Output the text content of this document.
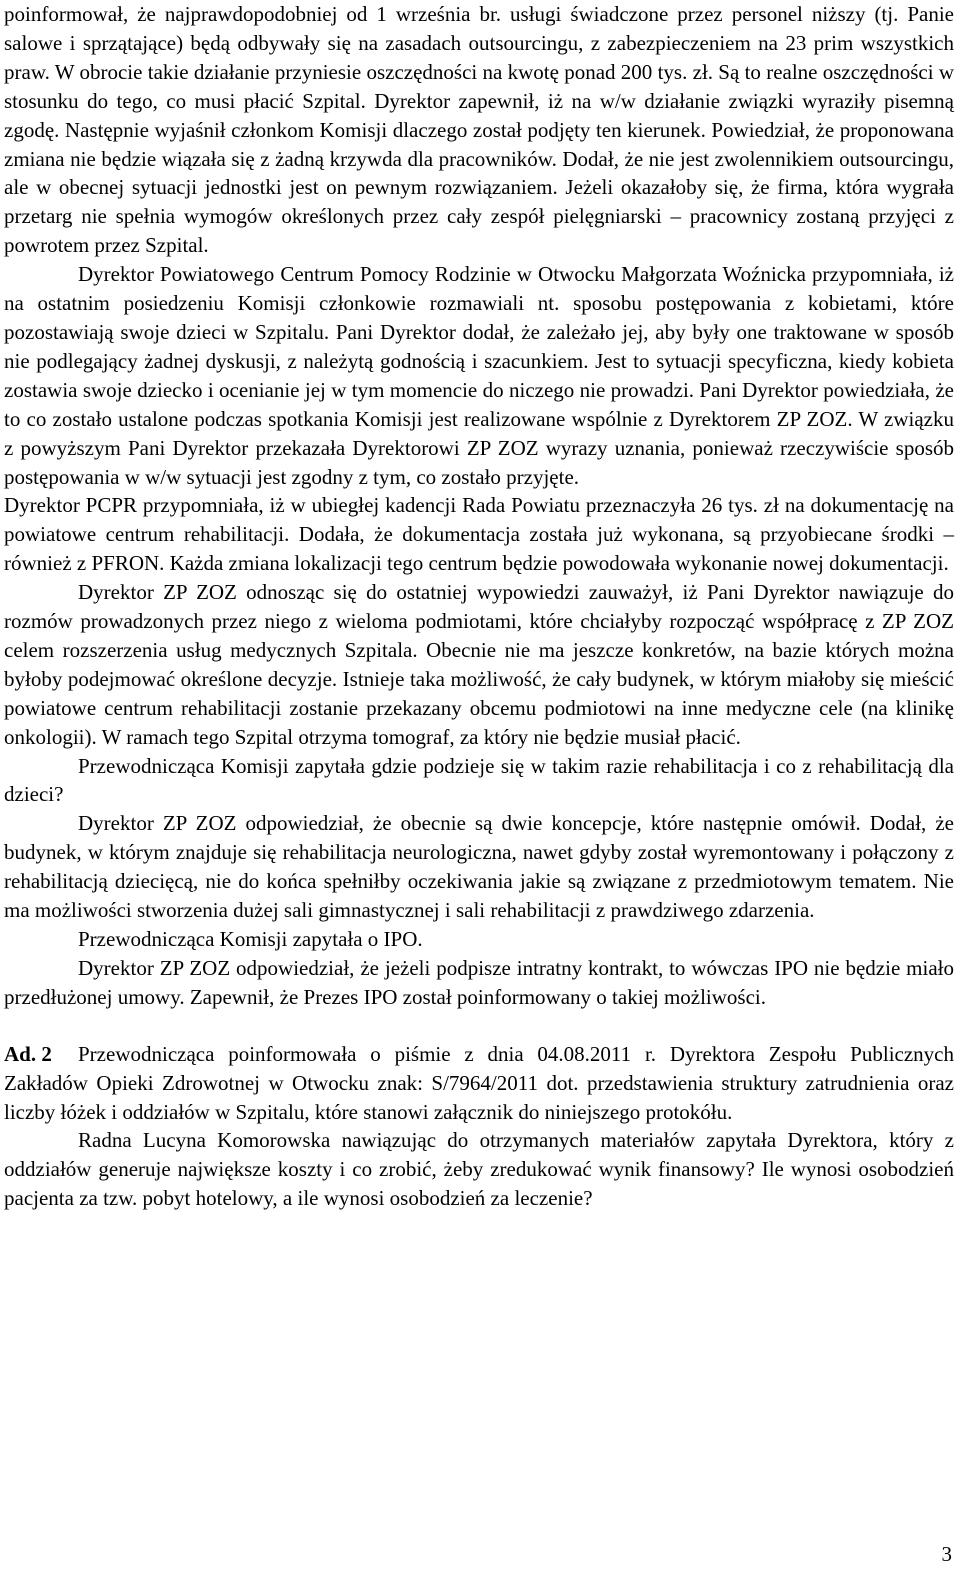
poinformował, że najprawdopodobniej od 1 września br. usługi świadczone przez personel niższy (tj. Panie salowe i sprzątające) będą odbywały się na zasadach outsourcingu, z zabezpieczeniem na 23 prim wszystkich praw. W obrocie takie działanie przyniesie oszczędności na kwotę ponad 200 tys. zł. Są to realne oszczędności w stosunku do tego, co musi płacić Szpital. Dyrektor zapewnił, iż na w/w działanie związki wyraziły pisemną zgodę. Następnie wyjaśnił członkom Komisji dlaczego został podjęty ten kierunek. Powiedział, że proponowana zmiana nie będzie wiązała się z żadną krzywda dla pracowników. Dodał, że nie jest zwolennikiem outsourcingu, ale w obecnej sytuacji jednostki jest on pewnym rozwiązaniem. Jeżeli okazałoby się, że firma, która wygrała przetarg nie spełnia wymogów określonych przez cały zespół pielęgniarski – pracownicy zostaną przyjęci z powrotem przez Szpital.

Dyrektor Powiatowego Centrum Pomocy Rodzinie w Otwocku Małgorzata Woźnicka przypomniała, iż na ostatnim posiedzeniu Komisji członkowie rozmawiali nt. sposobu postępowania z kobietami, które pozostawiają swoje dzieci w Szpitalu. Pani Dyrektor dodał, że zależało jej, aby były one traktowane w sposób nie podlegający żadnej dyskusji, z należytą godnością i szacunkiem. Jest to sytuacji specyficzna, kiedy kobieta zostawia swoje dziecko i ocenianie jej w tym momencie do niczego nie prowadzi. Pani Dyrektor powiedziała, że to co zostało ustalone podczas spotkania Komisji jest realizowane wspólnie z Dyrektorem ZP ZOZ. W związku z powyższym Pani Dyrektor przekazała Dyrektorowi ZP ZOZ wyrazy uznania, ponieważ rzeczywiście sposób postępowania w w/w sytuacji jest zgodny z tym, co zostało przyjęte.

Dyrektor PCPR przypomniała, iż w ubiegłej kadencji Rada Powiatu przeznaczyła 26 tys. zł na dokumentację na powiatowe centrum rehabilitacji. Dodała, że dokumentacja została już wykonana, są przyobiecane środki – również z PFRON. Każda zmiana lokalizacji tego centrum będzie powodowała wykonanie nowej dokumentacji.

Dyrektor ZP ZOZ odnosząc się do ostatniej wypowiedzi zauważył, iż Pani Dyrektor nawiązuje do rozmów prowadzonych przez niego z wieloma podmiotami, które chciałyby rozpocząć współpracę z ZP ZOZ celem rozszerzenia usług medycznych Szpitala. Obecnie nie ma jeszcze konkretów, na bazie których można byłoby podejmować określone decyzje. Istnieje taka możliwość, że cały budynek, w którym miałoby się mieścić powiatowe centrum rehabilitacji zostanie przekazany obcemu podmiotowi na inne medyczne cele (na klinikę onkologii). W ramach tego Szpital otrzyma tomograf, za który nie będzie musiał płacić.

Przewodnicząca Komisji zapytała gdzie podzieje się w takim razie rehabilitacja i co z rehabilitacją dla dzieci?

Dyrektor ZP ZOZ odpowiedział, że obecnie są dwie koncepcje, które następnie omówił. Dodał, że budynek, w którym znajduje się rehabilitacja neurologiczna, nawet gdyby został wyremontowany i połączony z rehabilitacją dziecięcą, nie do końca spełniłby oczekiwania jakie są związane z przedmiotowym tematem. Nie ma możliwości stworzenia dużej sali gimnastycznej i sali rehabilitacji z prawdziwego zdarzenia.

Przewodnicząca Komisji zapytała o IPO.

Dyrektor ZP ZOZ odpowiedział, że jeżeli podpisze intratny kontrakt, to wówczas IPO nie będzie miało przedłużonej umowy. Zapewnił, że Prezes IPO został poinformowany o takiej możliwości.

Ad. 2	Przewodnicząca poinformowała o piśmie z dnia 04.08.2011 r. Dyrektora Zespołu Publicznych Zakładów Opieki Zdrowotnej w Otwocku znak: S/7964/2011 dot. przedstawienia struktury zatrudnienia oraz liczby łóżek i oddziałów w Szpitalu, które stanowi załącznik do niniejszego protokółu.

Radna Lucyna Komorowska nawiązując do otrzymanych materiałów zapytała Dyrektora, który z oddziałów generuje największe koszty i co zrobić, żeby zredukować wynik finansowy? Ile wynosi osobodzień pacjenta za tzw. pobyt hotelowy, a ile wynosi osobodzień za leczenie?

3
